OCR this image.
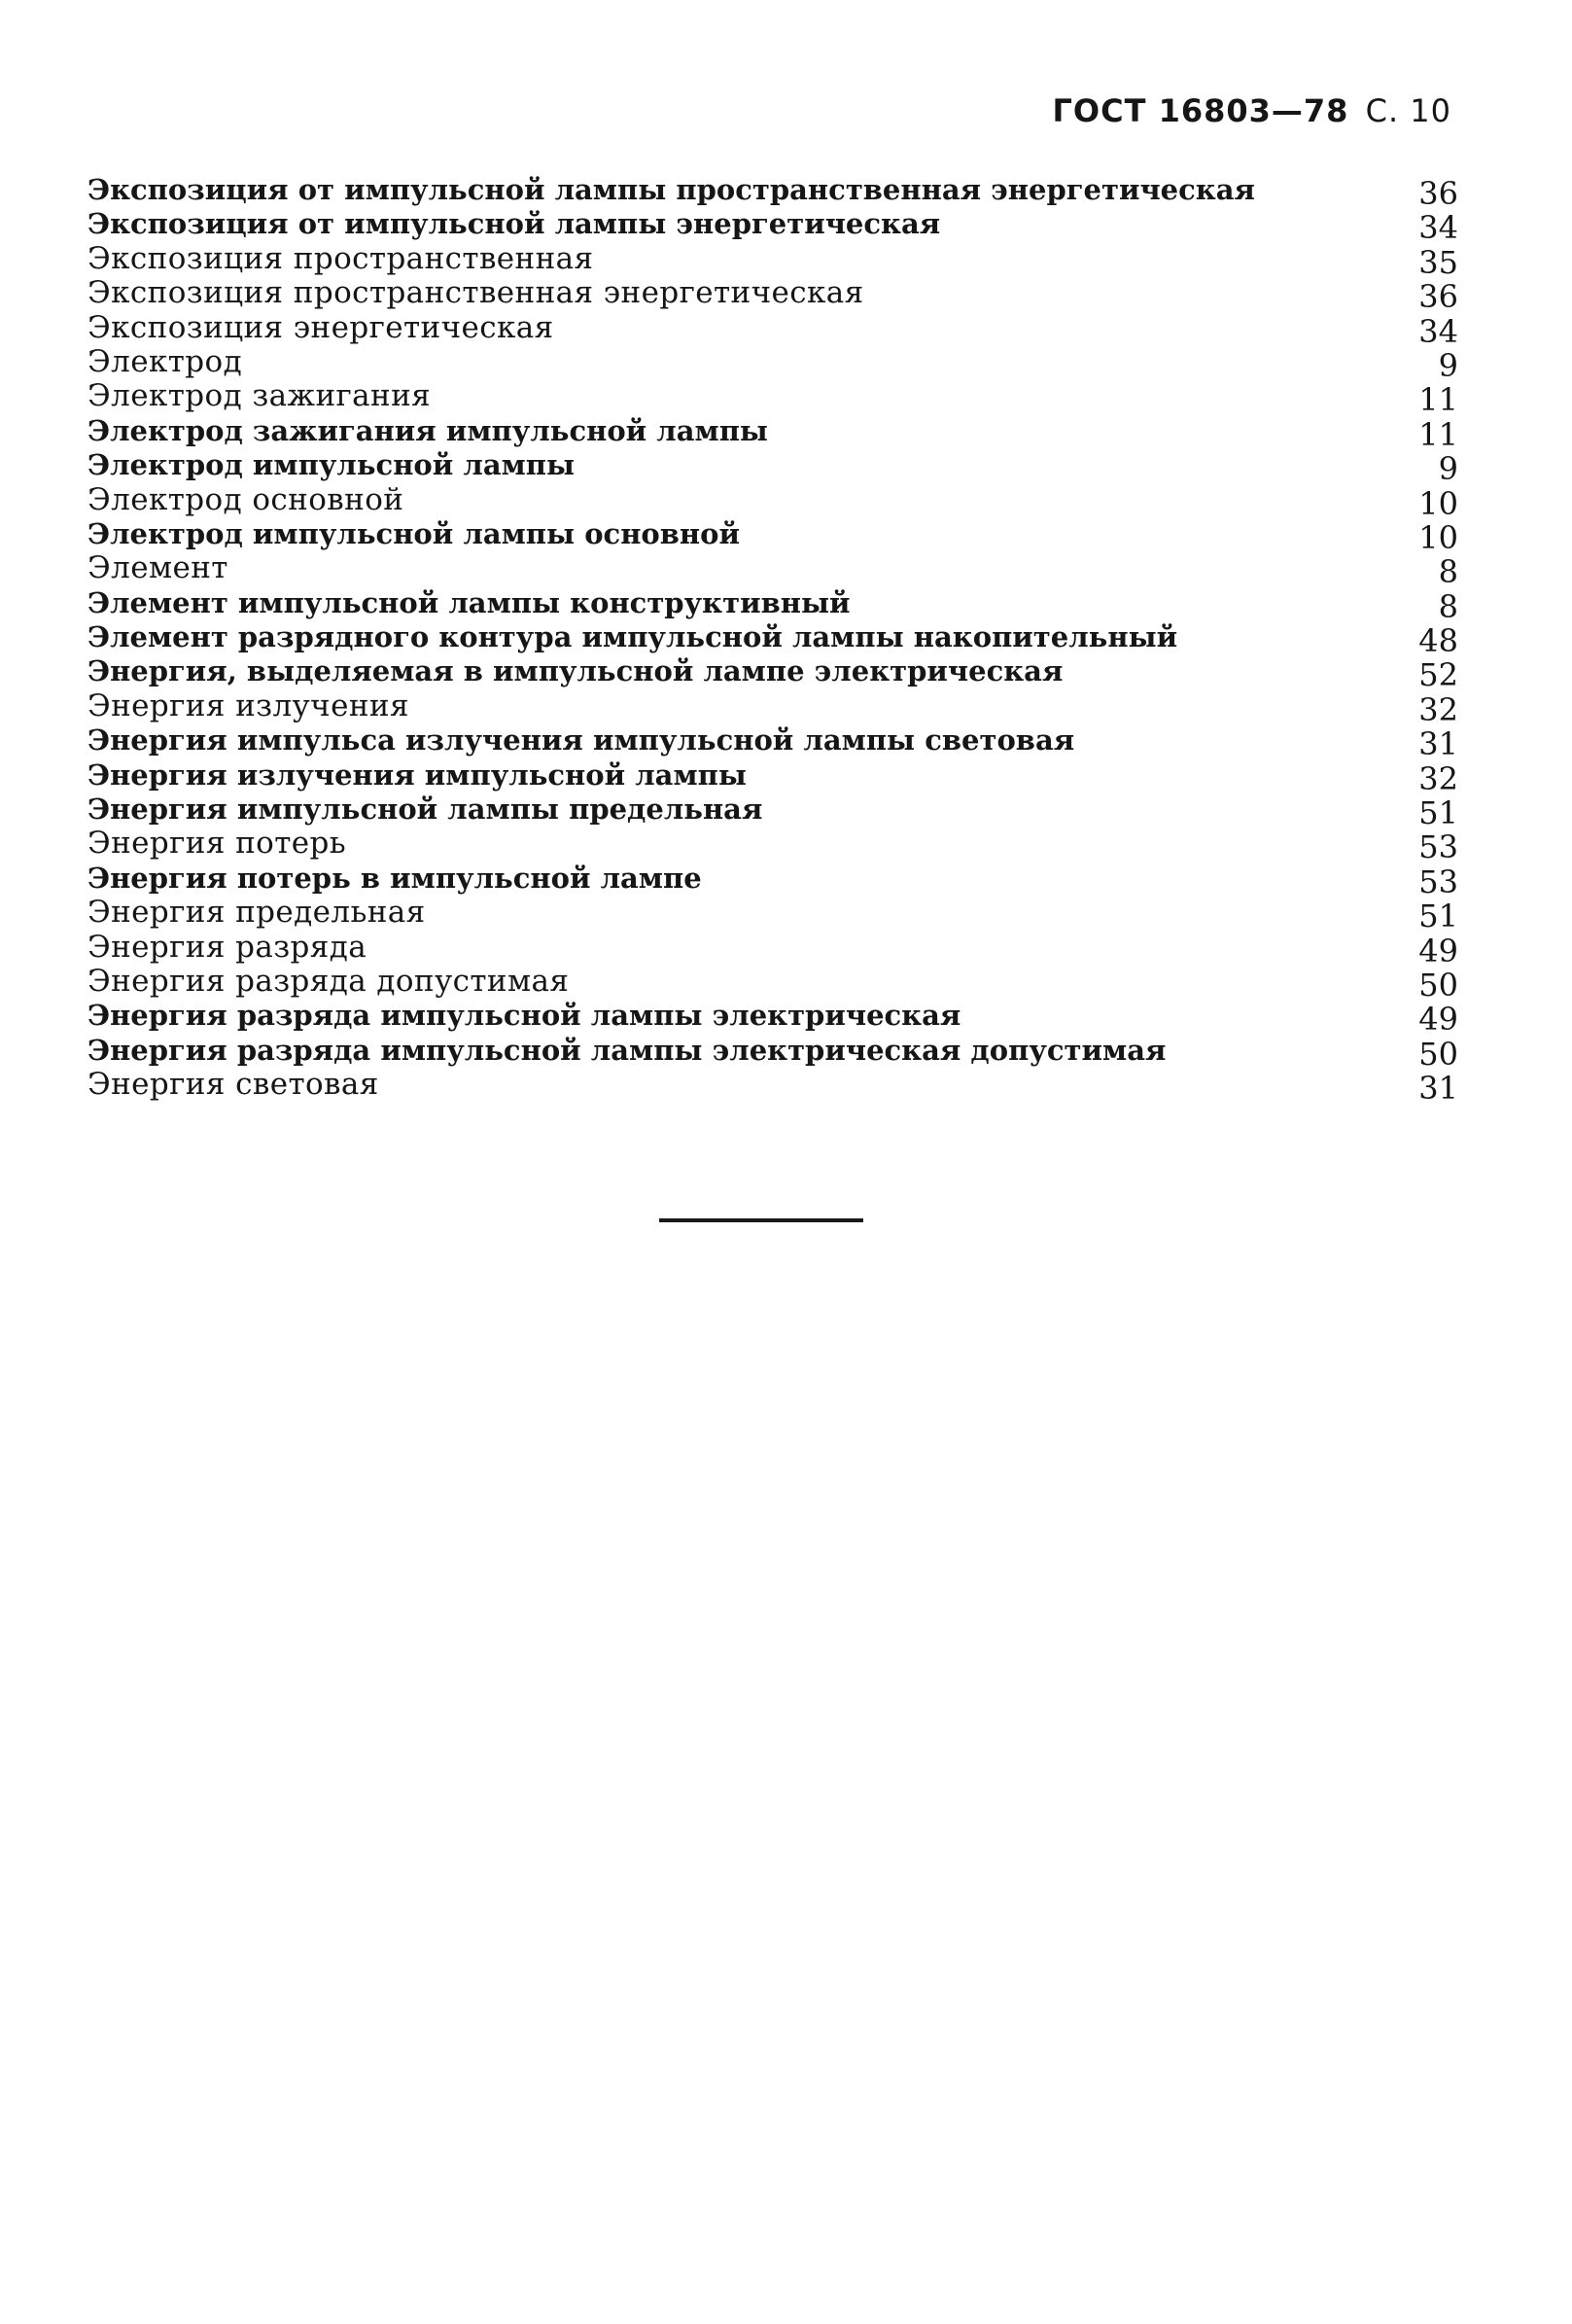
ГОСТ 16803—78 С. 10
Экспозиция от импульсной лампы пространственная энергетическая	36
Экспозиция от импульсной лампы энергетическая	34
Экспозиция пространственная	35
Экспозиция пространственная энергетическая	36
Экспозиция энергетическая	34
Электрод	9
Электрод зажигания	11
Электрод зажигания импульсной лампы	11
Электрод импульсной лампы	9
Электрод основной	10
Электрод импульсной лампы основной	10
Элемент	8
Элемент импульсной лампы конструктивный	8
Элемент разрядного контура импульсной лампы накопительный	48
Энергия, выделяемая в импульсной лампе электрическая	52
Энергия излучения	32
Энергия импульса излучения импульсной лампы световая	31
Энергия излучения импульсной лампы	32
Энергия импульсной лампы предельная	51
Энергия потерь	53
Энергия потерь в импульсной лампе	53
Энергия предельная	51
Энергия разряда	49
Энергия разряда допустимая	50
Энергия разряда импульсной лампы электрическая	49
Энергия разряда импульсной лампы электрическая допустимая	50
Энергия световая	31
